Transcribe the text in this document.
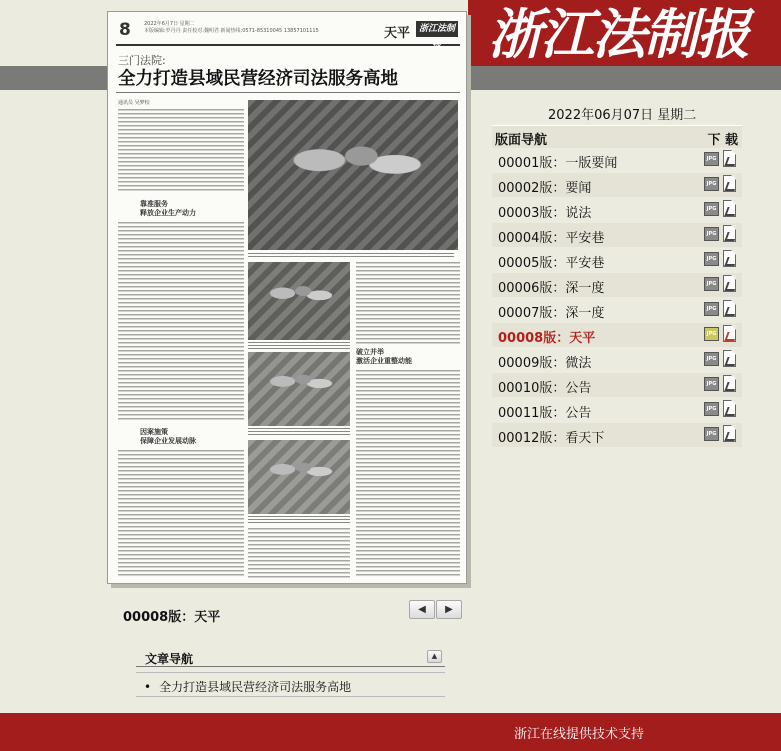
浙江法制报
8	2022年6月7日 星期二
本版编辑:罗丹丹 责任校对:魏明君 新闻热线:0571-85310045 13857101115	天平 浙江法制报
三门法院:
全力打造县域民营经济司法服务高地
通讯员 吴梦校
靠准服务
释放企业生产动力
因案施策
保障企业发展动脉
破立并举
激活企业重整动能
00008版：天平
◀	▶
文章导航	▲
• 全力打造县域民营经济司法服务高地
2022年06月07日 星期二
版面导航	下 载
00001版：一版要闻	JPG
00002版：要闻	JPG
00003版：说法	JPG
00004版：平安巷	JPG
00005版：平安巷	JPG
00006版：深一度	JPG
00007版：深一度	JPG
00008版：天平	JPG
00009版：微法	JPG
00010版：公告	JPG
00011版：公告	JPG
00012版：看天下	JPG
浙江在线提供技术支持
